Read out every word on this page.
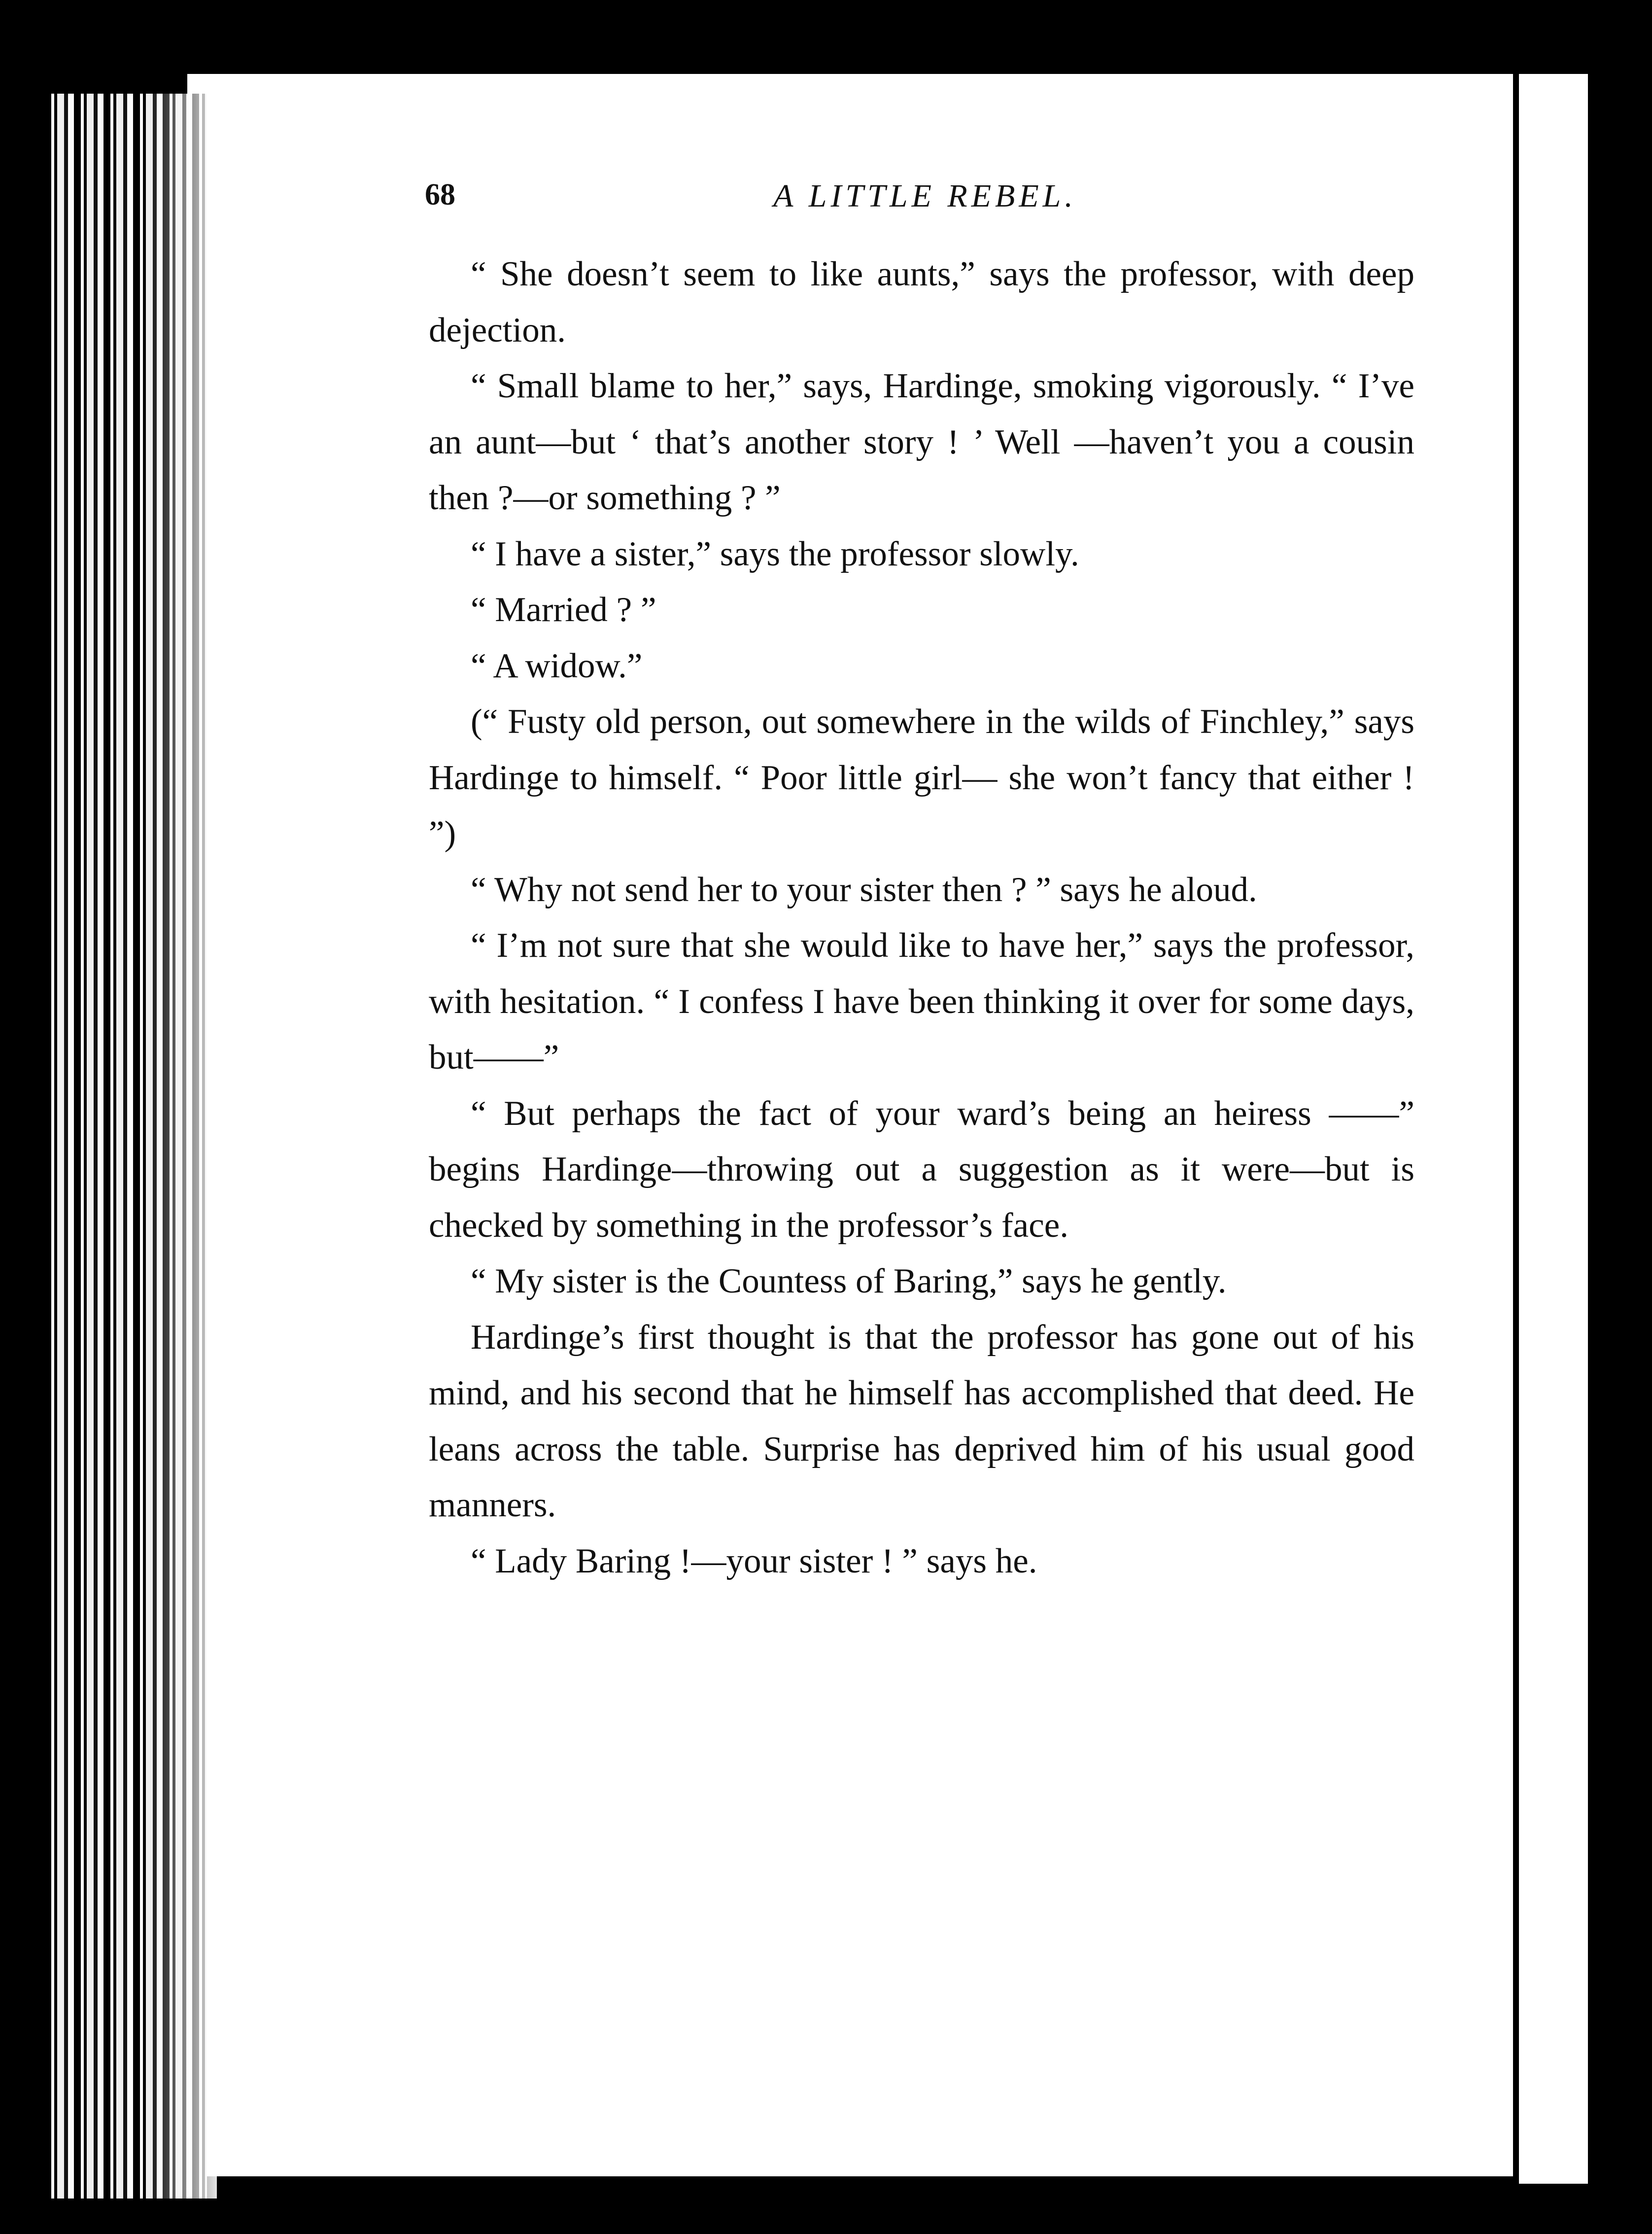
68	A LITTLE REBEL.

“ She doesn’t seem to like aunts,” says the professor, with deep dejection.

“ Small blame to her,” says, Hardinge, smoking vigorously. “ I’ve an aunt—but ‘ that’s another story ! ’ Well —haven’t you a cousin then ?—or something ? ”

“ I have a sister,” says the professor slowly.

“ Married ? ”

“ A widow.”

(“ Fusty old person, out somewhere in the wilds of Finchley,” says Hardinge to himself. “ Poor little girl— she won’t fancy that either ! ”)

“ Why not send her to your sister then ? ” says he aloud.

“ I’m not sure that she would like to have her,” says the professor, with hesitation. “ I confess I have been thinking it over for some days, but——”

“ But perhaps the fact of your ward’s being an heiress ——” begins Hardinge—throwing out a suggestion as it were—but is checked by something in the professor’s face.

“ My sister is the Countess of Baring,” says he gently.

Hardinge’s first thought is that the professor has gone out of his mind, and his second that he himself has accomplished that deed. He leans across the table. Surprise has deprived him of his usual good manners.

“ Lady Baring !—your sister ! ” says he.
